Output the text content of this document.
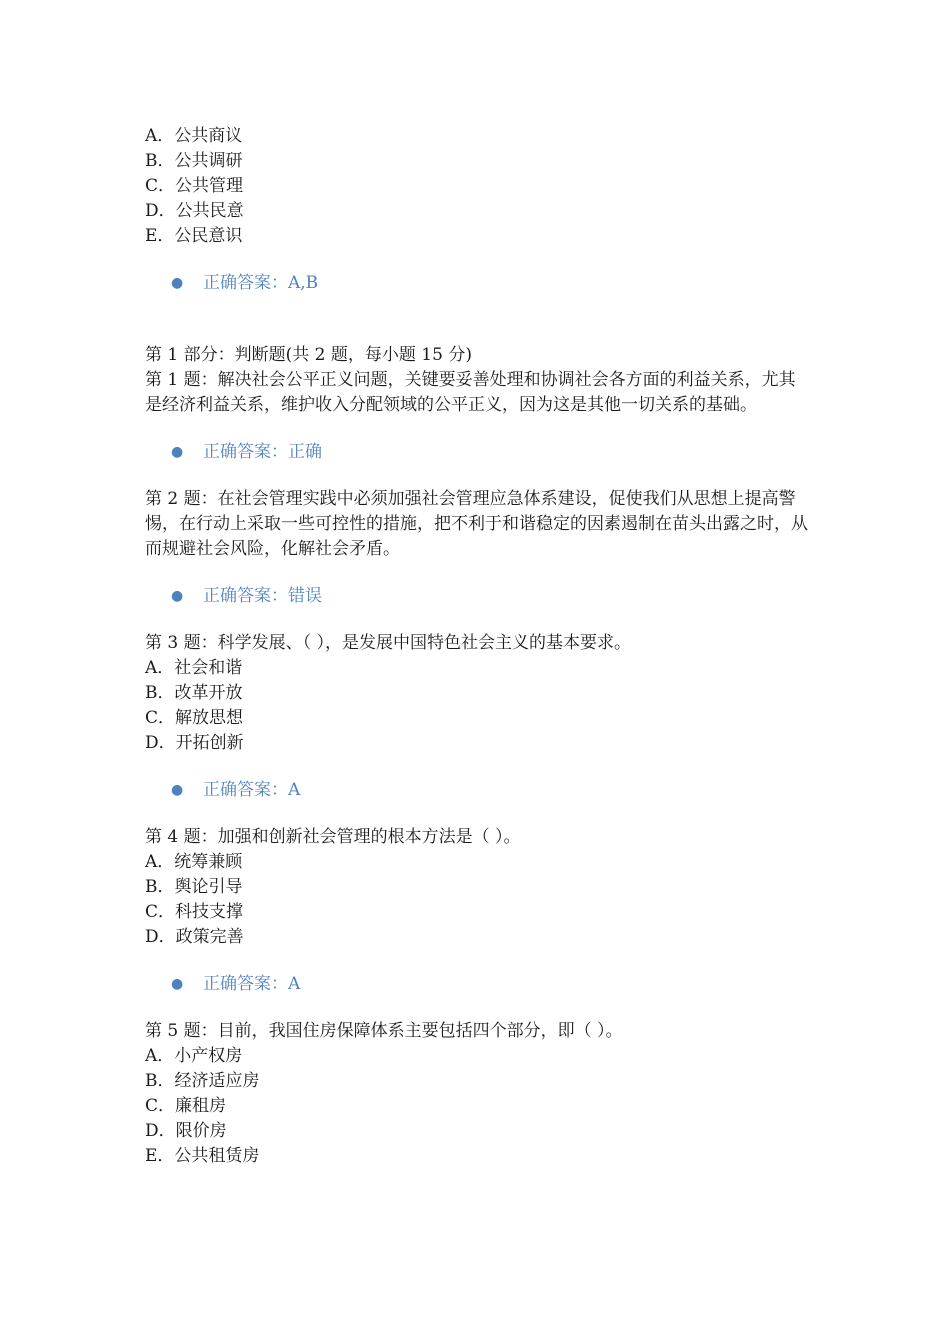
A．公共商议
B．公共调研
C．公共管理
D．公共民意
E．公民意识
● 正确答案：A,B
第 1 部分：判断题(共 2 题，每小题 15 分)
第 1 题：解决社会公平正义问题，关键要妥善处理和协调社会各方面的利益关系，尤其是经济利益关系，维护收入分配领域的公平正义，因为这是其他一切关系的基础。
● 正确答案：正确
第 2 题：在社会管理实践中必须加强社会管理应急体系建设，促使我们从思想上提高警惕，在行动上采取一些可控性的措施，把不利于和谐稳定的因素遏制在苗头出露之时，从而规避社会风险，化解社会矛盾。
● 正确答案：错误
第 3 题：科学发展、（ ），是发展中国特色社会主义的基本要求。
A．社会和谐
B．改革开放
C．解放思想
D．开拓创新
● 正确答案：A
第 4 题：加强和创新社会管理的根本方法是（ ）。
A．统筹兼顾
B．舆论引导
C．科技支撑
D．政策完善
● 正确答案：A
第 5 题：目前，我国住房保障体系主要包括四个部分，即（ ）。
A．小产权房
B．经济适应房
C．廉租房
D．限价房
E．公共租赁房
